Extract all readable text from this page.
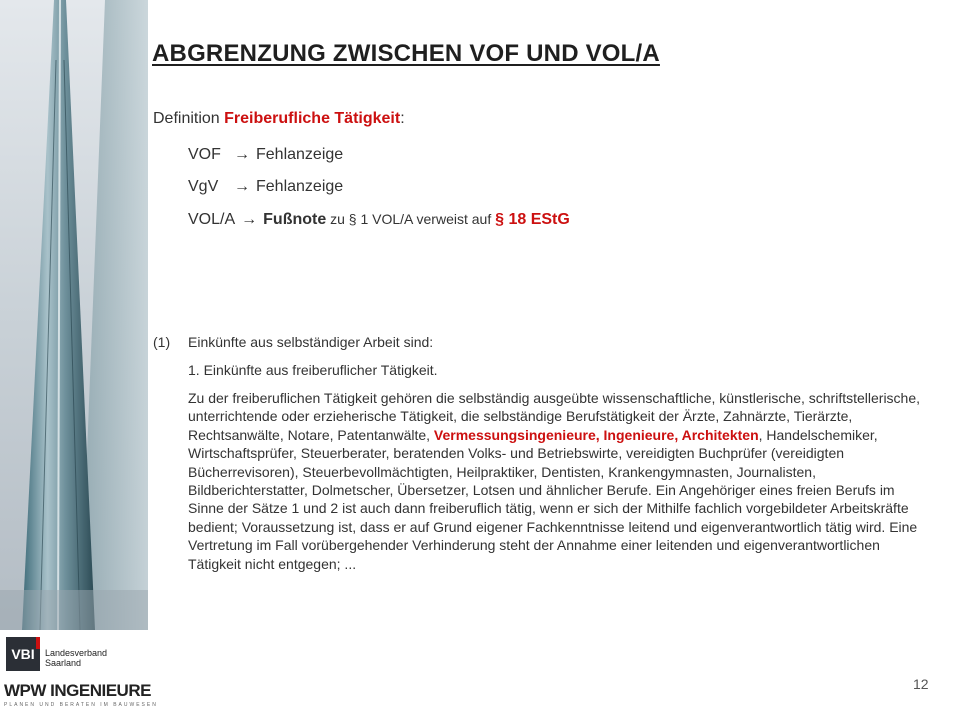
ABGRENZUNG ZWISCHEN VOF UND VOL/A
Definition Freiberufliche Tätigkeit:
VOF → Fehlanzeige
VgV → Fehlanzeige
VOL/A → Fußnote zu § 1 VOL/A verweist auf § 18 EStG
(1) Einkünfte aus selbständiger Arbeit sind:
1. Einkünfte aus freiberuflicher Tätigkeit.

Zu der freiberuflichen Tätigkeit gehören die selbständig ausgeübte wissenschaftliche, künstlerische, schriftstellerische, unterrichtende oder erzieherische Tätigkeit, die selbständige Berufstätigkeit der Ärzte, Zahnärzte, Tierärzte, Rechtsanwälte, Notare, Patentanwälte, Vermessungsingenieure, Ingenieure, Architekten, Handelschemiker, Wirtschaftsprüfer, Steuerberater, beratenden Volks- und Betriebswirte, vereidigten Buchprüfer (vereidigten Bücherrevisoren), Steuerbevollmächtigten, Heilpraktiker, Dentisten, Krankengymnasten, Journalisten, Bildberichterstatter, Dolmetscher, Übersetzer, Lotsen und ähnlicher Berufe. Ein Angehöriger eines freien Berufs im Sinne der Sätze 1 und 2 ist auch dann freiberuflich tätig, wenn er sich der Mithilfe fachlich vorgebildeter Arbeitskräfte bedient; Voraussetzung ist, dass er auf Grund eigener Fachkenntnisse leitend und eigenverantwortlich tätig wird. Eine Vertretung im Fall vorübergehender Verhinderung steht der Annahme einer leitenden und eigenverantwortlichen Tätigkeit nicht entgegen; ...

12
VBI	Landesverband
Saarland
WPW INGENIEURE
PLANEN UND BERATEN IM BAUWESEN
